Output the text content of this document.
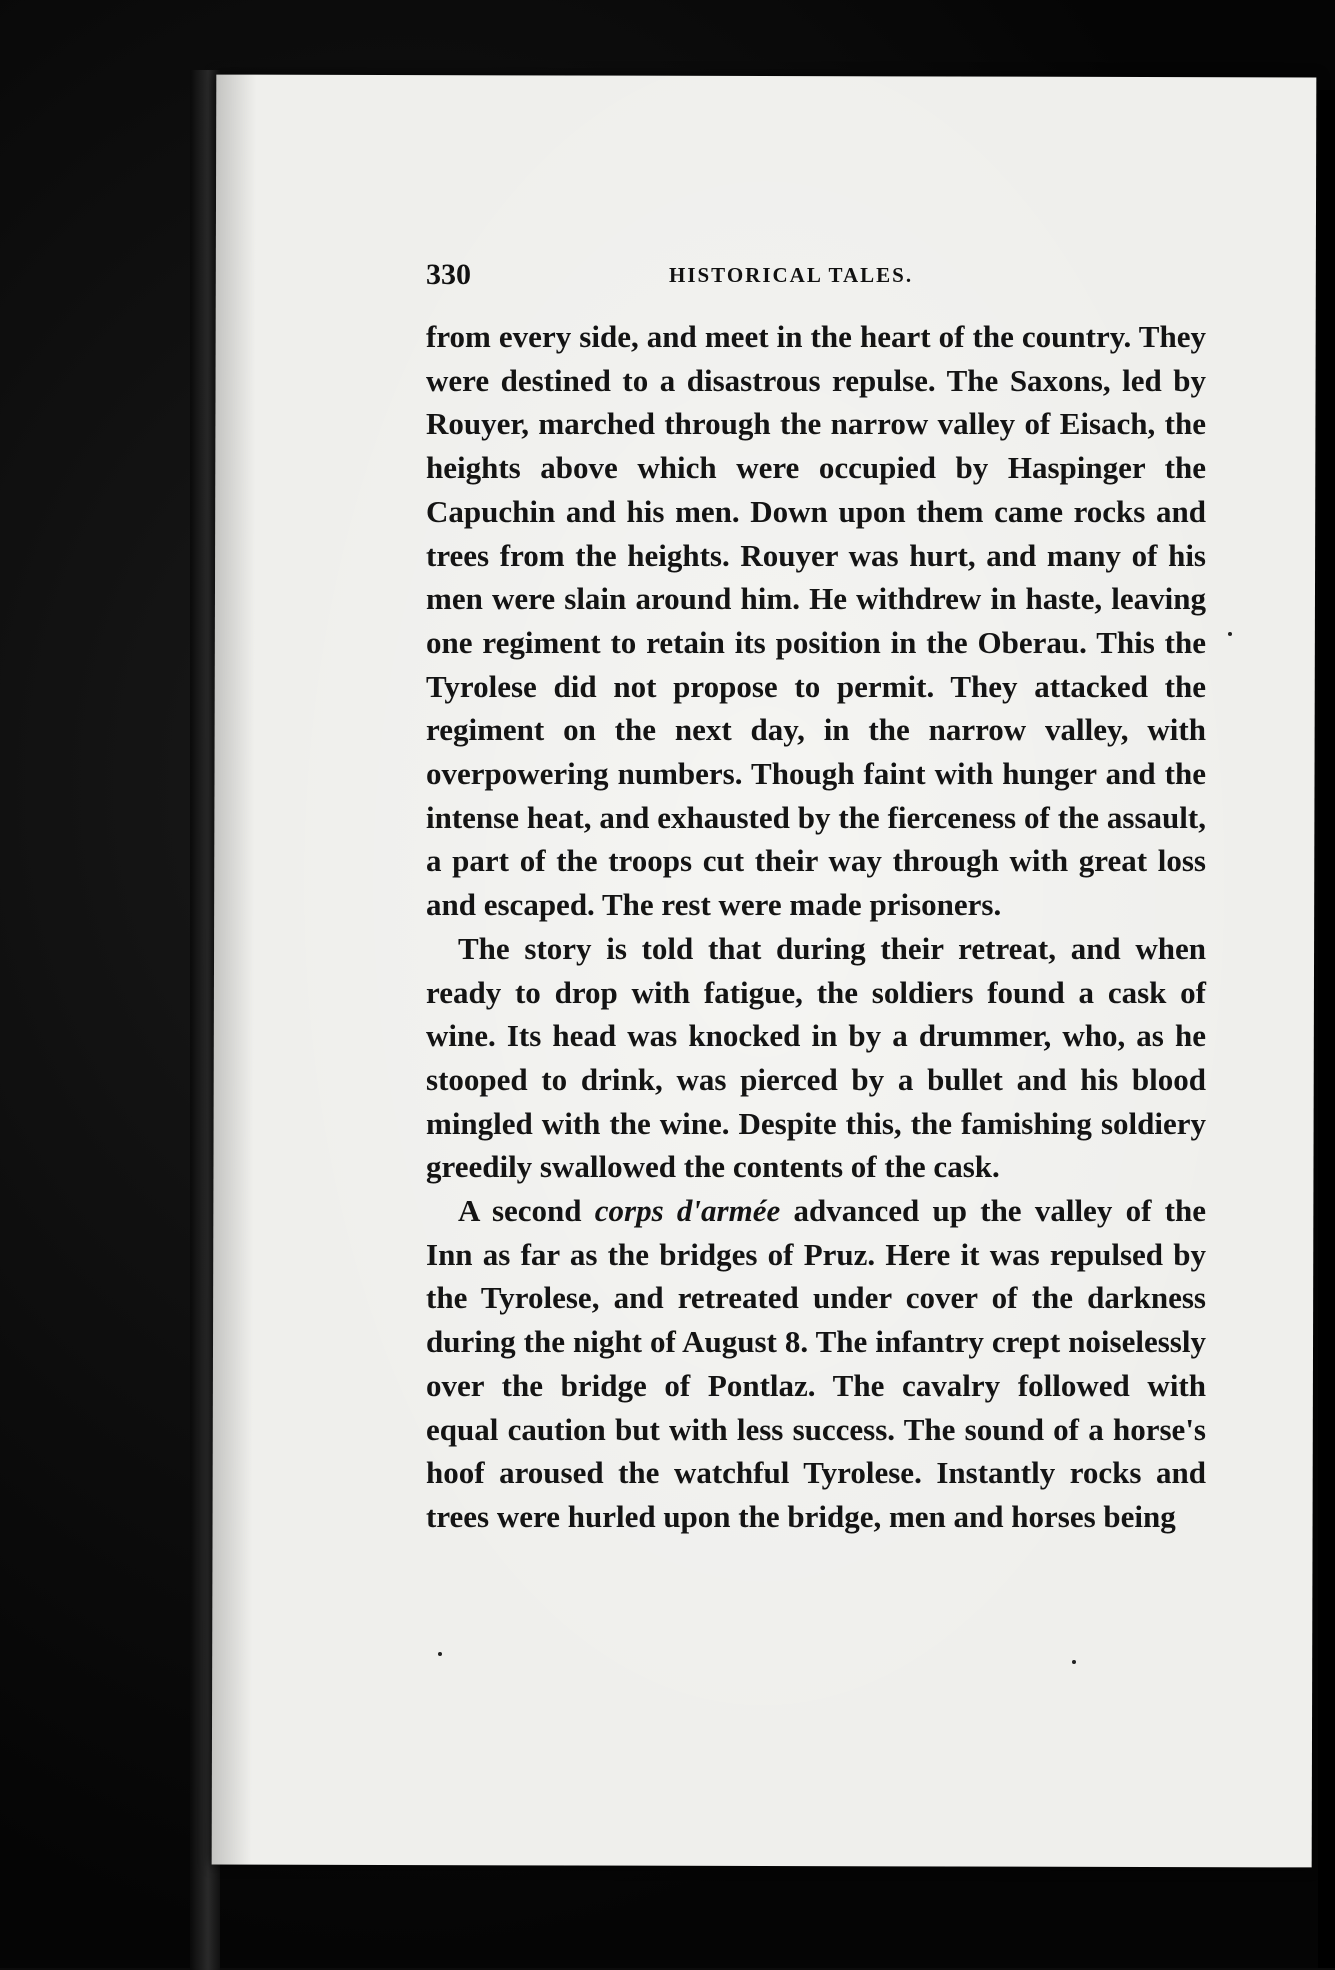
330	HISTORICAL TALES.

from every side, and meet in the heart of the country. They were destined to a disastrous repulse. The Saxons, led by Rouyer, marched through the narrow valley of Eisach, the heights above which were occupied by Haspinger the Capuchin and his men. Down upon them came rocks and trees from the heights. Rouyer was hurt, and many of his men were slain around him. He withdrew in haste, leaving one regiment to retain its position in the Oberau. This the Tyrolese did not propose to permit. They attacked the regiment on the next day, in the narrow valley, with overpowering numbers. Though faint with hunger and the intense heat, and exhausted by the fierceness of the assault, a part of the troops cut their way through with great loss and escaped. The rest were made prisoners.

The story is told that during their retreat, and when ready to drop with fatigue, the soldiers found a cask of wine. Its head was knocked in by a drummer, who, as he stooped to drink, was pierced by a bullet and his blood mingled with the wine. Despite this, the famishing soldiery greedily swallowed the contents of the cask.

A second corps d'armée advanced up the valley of the Inn as far as the bridges of Pruz. Here it was repulsed by the Tyrolese, and retreated under cover of the darkness during the night of August 8. The infantry crept noiselessly over the bridge of Pontlaz. The cavalry followed with equal caution but with less success. The sound of a horse's hoof aroused the watchful Tyrolese. Instantly rocks and trees were hurled upon the bridge, men and horses being
